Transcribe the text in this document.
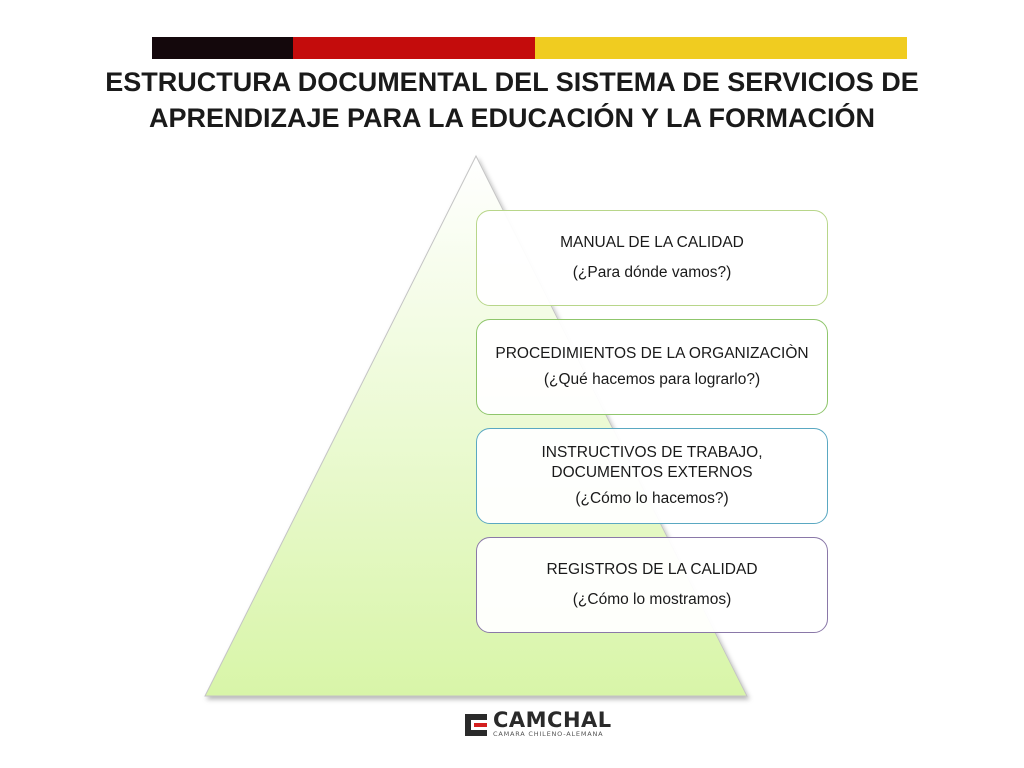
ESTRUCTURA DOCUMENTAL DEL SISTEMA DE SERVICIOS DE
APRENDIZAJE PARA LA EDUCACIÓN Y LA FORMACIÓN
MANUAL DE LA CALIDAD
(¿Para dónde vamos?)
PROCEDIMIENTOS DE LA ORGANIZACIÒN
(¿Qué hacemos para lograrlo?)
INSTRUCTIVOS DE TRABAJO, DOCUMENTOS EXTERNOS
(¿Cómo lo hacemos?)
REGISTROS DE LA CALIDAD
(¿Cómo lo mostramos)
CAMCHAL
CAMARA CHILENO-ALEMANA
